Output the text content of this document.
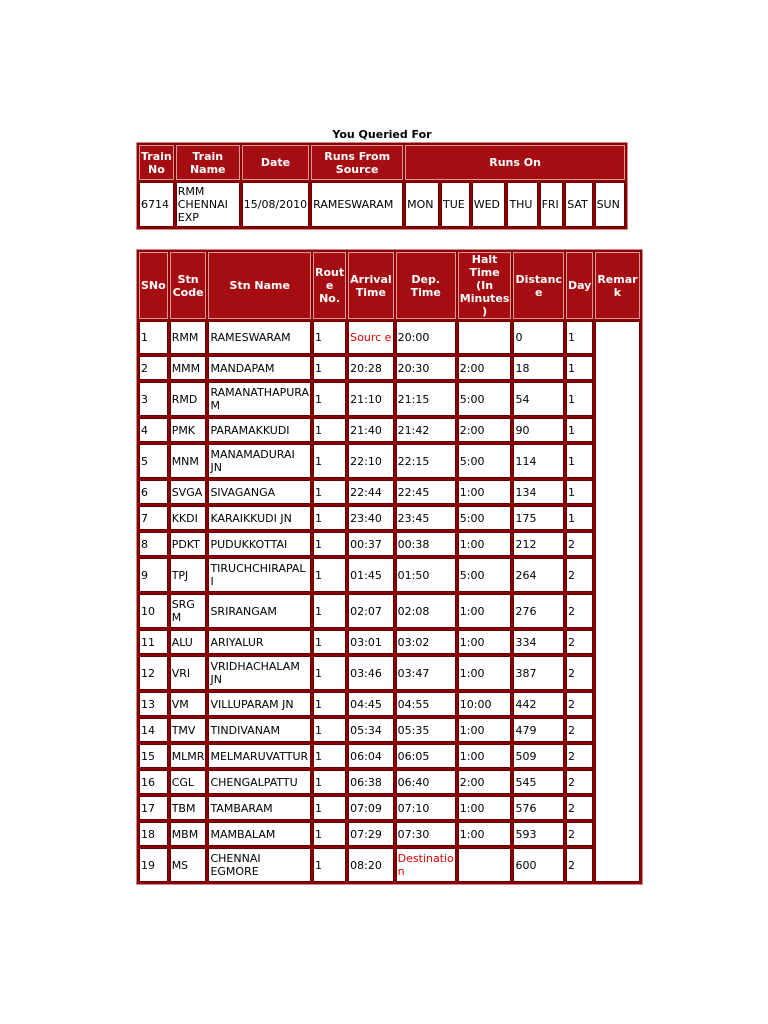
You Queried For
Train No	Train Name	Date	Runs From Source	Runs On						
6714	RMM CHENNAI EXP	15/08/2010	RAMESWARAM	MON	TUE	WED	THU	FRI	SAT	SUN
SNo	Stn Code	Stn Name	Rout e No.	Arrival Time	Dep. Time	Halt Time (In Minutes )	Distanc e	Day	Remar k
1	RMM	RAMESWARAM	1	Sourc e	20:00		0	1	
2	MMM	MANDAPAM	1	20:28	20:30	2:00	18	1	
3	RMD	RAMANATHAPURA M	1	21:10	21:15	5:00	54	1	
4	PMK	PARAMAKKUDI	1	21:40	21:42	2:00	90	1	
5	MNM	MANAMADURAI JN	1	22:10	22:15	5:00	114	1	
6	SVGA	SIVAGANGA	1	22:44	22:45	1:00	134	1	
7	KKDI	KARAIKKUDI JN	1	23:40	23:45	5:00	175	1	
8	PDKT	PUDUKKOTTAI	1	00:37	00:38	1:00	212	2	
9	TPJ	TIRUCHCHIRAPAL I	1	01:45	01:50	5:00	264	2	
10	SRG M	SRIRANGAM	1	02:07	02:08	1:00	276	2	
11	ALU	ARIYALUR	1	03:01	03:02	1:00	334	2	
12	VRI	VRIDHACHALAM JN	1	03:46	03:47	1:00	387	2	
13	VM	VILLUPARAM JN	1	04:45	04:55	10:00	442	2	
14	TMV	TINDIVANAM	1	05:34	05:35	1:00	479	2	
15	MLMR	MELMARUVATTUR	1	06:04	06:05	1:00	509	2	
16	CGL	CHENGALPATTU	1	06:38	06:40	2:00	545	2	
17	TBM	TAMBARAM	1	07:09	07:10	1:00	576	2	
18	MBM	MAMBALAM	1	07:29	07:30	1:00	593	2	
19	MS	CHENNAI EGMORE	1	08:20	Destinatio n		600	2	
